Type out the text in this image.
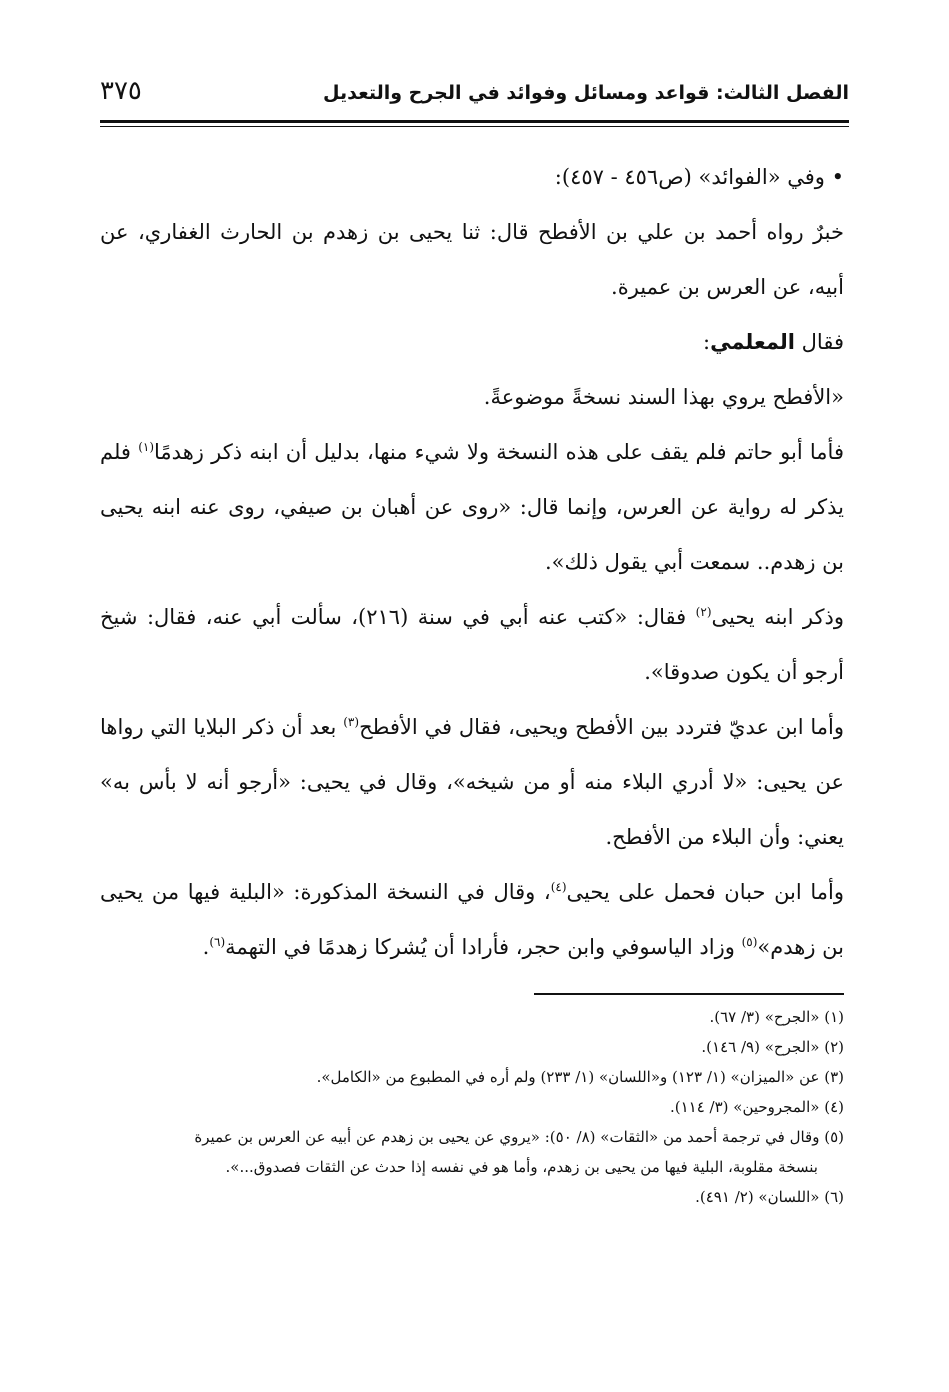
الفصل الثالث: قواعد ومسائل وفوائد في الجرح والتعديل
٣٧٥

• وفي «الفوائد» (ص٤٥٦ - ٤٥٧):

خبرٌ رواه أحمد بن علي بن الأفطح قال: ثنا يحيى بن زهدم بن الحارث الغفاري، عن أبيه، عن العرس بن عميرة.

فقال المعلمي:

«الأفطح يروي بهذا السند نسخةً موضوعةً.

فأما أبو حاتم فلم يقف على هذه النسخة ولا شيء منها، بدليل أن ابنه ذكر زهدمًا$^{(١)}$ فلم يذكر له رواية عن العرس، وإنما قال: «روى عن أهبان بن صيفي، روى عنه ابنه يحيى بن زهدم.. سمعت أبي يقول ذلك».

وذكر ابنه يحيى$^{(٢)}$ فقال: «كتب عنه أبي في سنة (٢١٦)، سألت أبي عنه، فقال: شيخ أرجو أن يكون صدوقا».

وأما ابن عديّ فتردد بين الأفطح ويحيى، فقال في الأفطح$^{(٣)}$ بعد أن ذكر البلايا التي رواها عن يحيى: «لا أدري البلاء منه أو من شيخه»، وقال في يحيى: «أرجو أنه لا بأس به» يعني: وأن البلاء من الأفطح.

وأما ابن حبان فحمل على يحيى$^{(٤)}$، وقال في النسخة المذكورة: «البلية فيها من يحيى بن زهدم»$^{(٥)}$ وزاد الياسوفي وابن حجر، فأرادا أن يُشركا زهدمًا في التهمة$^{(٦)}$.

(١) «الجرح» (٣/ ٦٧).

(٢) «الجرح» (٩/ ١٤٦).

(٣) عن «الميزان» (١/ ١٢٣) و«اللسان» (١/ ٢٣٣) ولم أره في المطبوع من «الكامل».

(٤) «المجروحين» (٣/ ١١٤).

(٥) وقال في ترجمة أحمد من «الثقات» (٨/ ٥٠): «يروي عن يحيى بن زهدم عن أبيه عن العرس بن عميرة

بنسخة مقلوبة، البلية فيها من يحيى بن زهدم، وأما هو في نفسه إذا حدث عن الثقات فصدوق...».

(٦) «اللسان» (٢/ ٤٩١).
